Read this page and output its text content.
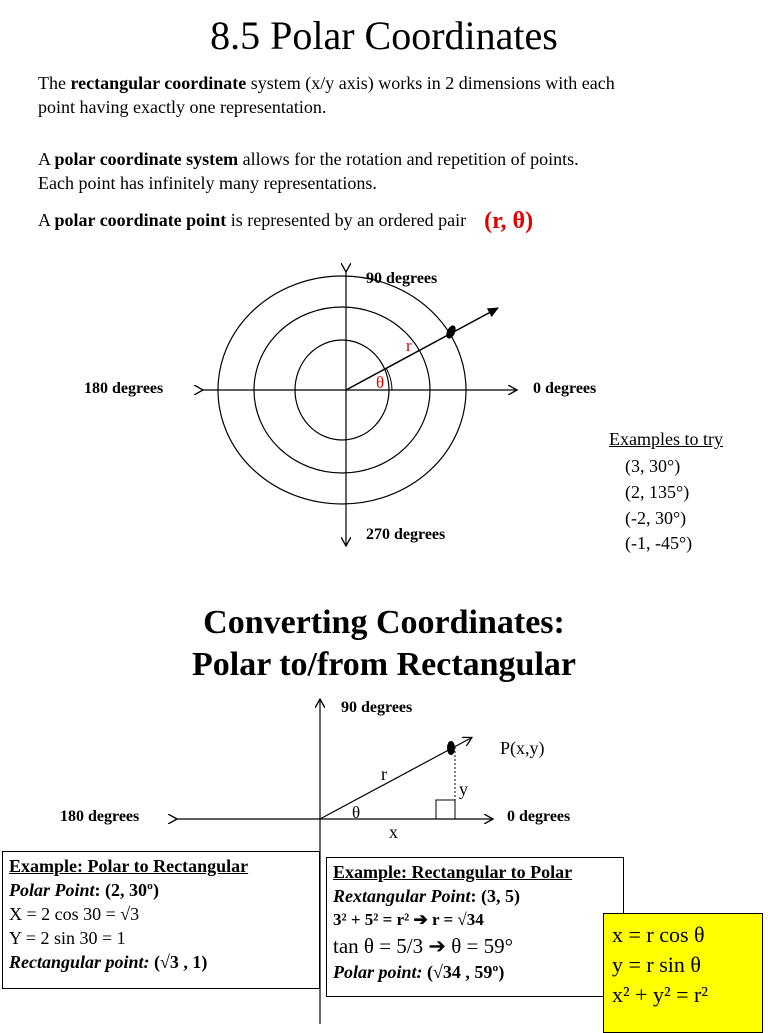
8.5 Polar Coordinates
The rectangular coordinate system (x/y axis) works in 2 dimensions with each
point having exactly one representation.
A polar coordinate system allows for the rotation and repetition of points.
Each point has infinitely many representations.
A polar coordinate point is represented by an ordered pair (r, θ)
90 degrees
0 degrees
180 degrees
270 degrees
r
θ
Examples to try
(3, 30°)
(2, 135°)
(-2, 30°)
(-1, -45°)
Converting Coordinates:
Polar to/from Rectangular
90 degrees
0 degrees
180 degrees
P(x,y)
r
y
x
θ
Example: Polar to Rectangular
Polar Point: (2, 30º)
X = 2 cos 30 = √3
Y = 2 sin 30 = 1
Rectangular point: (√3 , 1)
Example: Rectangular to Polar
Rextangular Point: (3, 5)
3² + 5² = r² ➔ r = √34
tan θ = 5/3 ➔ θ = 59°
Polar point: (√34 , 59º)
x = r cos θ
y = r sin θ
x² + y² = r²
